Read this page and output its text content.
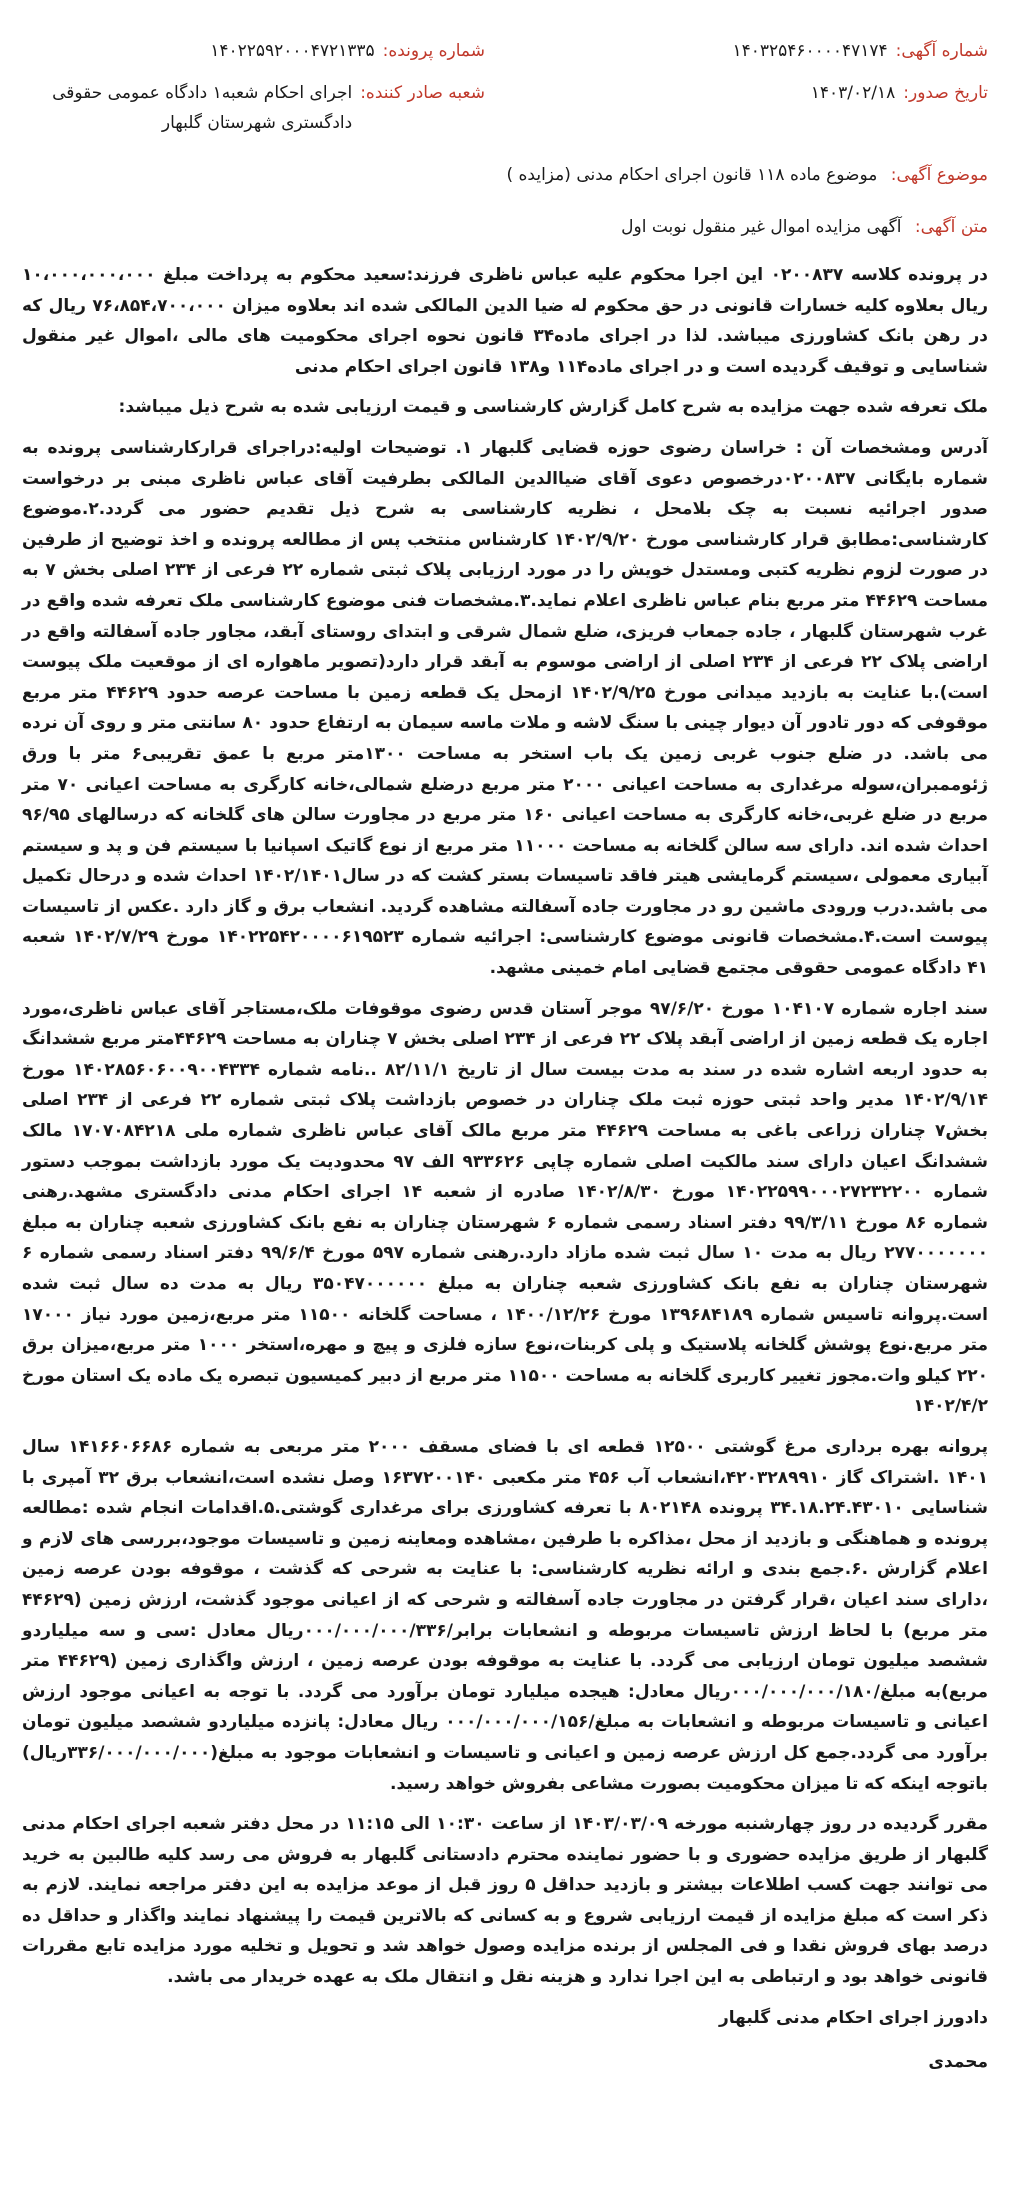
شماره آگهی:
۱۴۰۳۲۵۴۶۰۰۰۰۴۷۱۷۴
شماره پرونده:
۱۴۰۲۲۵۹۲۰۰۰۴۷۲۱۳۳۵
تاریخ صدور:
۱۴۰۳/۰۲/۱۸
شعبه صادر کننده:
اجرای احکام شعبه۱ دادگاه عمومی حقوقی دادگستری شهرستان گلبهار
موضوع آگهی: موضوع ماده ۱۱۸ قانون اجرای احکام مدنی (مزایده )
متن آگهی: آگهی مزایده اموال غیر منقول نوبت اول

در پرونده کلاسه ۰۲۰۰۸۳۷ این اجرا محکوم علیه عباس ناظری فرزند:سعید محکوم به پرداخت مبلغ ۱۰،۰۰۰،۰۰۰،۰۰۰ ریال بعلاوه کلیه خسارات قانونی در حق محکوم له ضیا الدین المالکی شده اند بعلاوه میزان ۷۶،۸۵۴،۷۰۰،۰۰۰ ریال که در رهن بانک کشاورزی میباشد. لذا در اجرای ماده۳۴ قانون نحوه اجرای محکومیت های مالی ،اموال غیر منقول شناسایی و توقیف گردیده است و در اجرای ماده۱۱۴ و۱۳۸ قانون اجرای احکام مدنی

ملک تعرفه شده جهت مزایده به شرح کامل گزارش کارشناسی و قیمت ارزیابی شده به شرح ذیل میباشد:

آدرس ومشخصات آن : خراسان رضوی حوزه قضایی گلبهار ۱. توضیحات اولیه:دراجرای قرارکارشناسی پرونده به شماره بایگانی ۰۲۰۰۸۳۷درخصوص دعوی آقای ضیاالدین المالکی بطرفیت آقای عباس ناظری مبنی بر درخواست صدور اجرائیه نسبت به چک بلامحل ، نظریه کارشناسی به شرح ذیل تقدیم حضور می گردد.۲.موضوع کارشناسی:مطابق قرار کارشناسی مورخ ۱۴۰۲/۹/۲۰ کارشناس منتخب پس از مطالعه پرونده و اخذ توضیح از طرفین در صورت لزوم نظریه کتبی ومستدل خویش را در مورد ارزیابی پلاک ثبتی شماره ۲۲ فرعی از ۲۳۴ اصلی بخش ۷ به مساحت ۴۴۶۲۹ متر مربع بنام عباس ناظری اعلام نماید.۳.مشخصات فنی موضوع کارشناسی ملک تعرفه شده واقع در غرب شهرستان گلبهار ، جاده جمعاب فریزی، ضلع شمال شرقی و ابتدای روستای آبقد، مجاور جاده آسفالته واقع در اراضی پلاک ۲۲ فرعی از ۲۳۴ اصلی از اراضی موسوم به آبقد قرار دارد(تصویر ماهواره ای از موقعیت ملک پیوست است).با عنایت به بازدید میدانی مورخ ۱۴۰۲/۹/۲۵ ازمحل یک قطعه زمین با مساحت عرصه حدود ۴۴۶۲۹ متر مربع موقوفی که دور تادور آن دیوار چینی با سنگ لاشه و ملات ماسه سیمان به ارتفاع حدود ۸۰ سانتی متر و روی آن نرده می باشد. در ضلع جنوب غربی زمین یک باب استخر به مساحت ۱۳۰۰متر مربع با عمق تقریبی۶ متر با ورق ژئوممبران،سوله مرغداری به مساحت اعیانی ۲۰۰۰ متر مربع درضلع شمالی،خانه کارگری به مساحت اعیانی ۷۰ متر مربع در ضلع غربی،خانه کارگری به مساحت اعیانی ۱۶۰ متر مربع در مجاورت سالن های گلخانه که درسالهای ۹۶/۹۵ احداث شده اند. دارای سه سالن گلخانه به مساحت ۱۱۰۰۰ متر مربع از نوع گاتیک اسپانیا با سیستم فن و پد و سیستم آبیاری معمولی ،سیستم گرمایشی هیتر فاقد تاسیسات بستر کشت که در سال۱۴۰۲/۱۴۰۱ احداث شده و درحال تکمیل می باشد.درب ورودی ماشین رو در مجاورت جاده آسفالته مشاهده گردید. انشعاب برق و گاز دارد .عکس از تاسیسات پیوست است.۴.مشخصات قانونی موضوع کارشناسی: اجرائیه شماره ۱۴۰۲۲۵۴۲۰۰۰۰۶۱۹۵۲۳ مورخ ۱۴۰۲/۷/۲۹ شعبه ۴۱ دادگاه عمومی حقوقی مجتمع قضایی امام خمینی مشهد.

سند اجاره شماره ۱۰۴۱۰۷ مورخ ۹۷/۶/۲۰ موجر آستان قدس رضوی موقوفات ملک،مستاجر آقای عباس ناظری،مورد اجاره یک قطعه زمین از اراضی آبقد پلاک ۲۲ فرعی از ۲۳۴ اصلی بخش ۷ چناران به مساحت ۴۴۶۲۹متر مربع ششدانگ به حدود اربعه اشاره شده در سند به مدت بیست سال از تاریخ ۸۲/۱۱/۱ ..نامه شماره ۱۴۰۲۸۵۶۰۶۰۰۹۰۰۴۳۳۴ مورخ ۱۴۰۲/۹/۱۴ مدیر واحد ثبتی حوزه ثبت ملک چناران در خصوص بازداشت پلاک ثبتی شماره ۲۲ فرعی از ۲۳۴ اصلی بخش۷ چناران زراعی باغی به مساحت ۴۴۶۲۹ متر مربع مالک آقای عباس ناظری شماره ملی ۱۷۰۷۰۸۴۲۱۸ مالک ششدانگ اعیان دارای سند مالکیت اصلی شماره چاپی ۹۳۳۶۲۶ الف ۹۷ محدودیت یک مورد بازداشت بموجب دستور شماره ۱۴۰۲۲۵۹۹۰۰۰۲۷۲۳۲۲۰۰ مورخ ۱۴۰۲/۸/۳۰ صادره از شعبه ۱۴ اجرای احکام مدنی دادگستری مشهد.رهنی شماره ۸۶ مورخ ۹۹/۳/۱۱ دفتر اسناد رسمی شماره ۶ شهرستان چناران به نفع بانک کشاورزی شعبه چناران به مبلغ ۲۷۷۰۰۰۰۰۰۰ ریال به مدت ۱۰ سال ثبت شده مازاد دارد.رهنی شماره ۵۹۷ مورخ ۹۹/۶/۴ دفتر اسناد رسمی شماره ۶ شهرستان چناران به نفع بانک کشاورزی شعبه چناران به مبلغ ۳۵۰۴۷۰۰۰۰۰۰ ریال به مدت ده سال ثبت شده است.پروانه تاسیس شماره ۱۳۹۶۸۴۱۸۹ مورخ ۱۴۰۰/۱۲/۲۶ ، مساحت گلخانه ۱۱۵۰۰ متر مربع،زمین مورد نیاز ۱۷۰۰۰ متر مربع.نوع پوشش گلخانه پلاستیک و پلی کربنات،نوع سازه فلزی و پیچ و مهره،استخر ۱۰۰۰ متر مربع،میزان برق ۲۲۰ کیلو وات.مجوز تغییر کاربری گلخانه به مساحت ۱۱۵۰۰ متر مربع از دبیر کمیسیون تبصره یک ماده یک استان مورخ ۱۴۰۲/۴/۲

پروانه بهره برداری مرغ گوشتی ۱۲۵۰۰ قطعه ای با فضای مسقف ۲۰۰۰ متر مربعی به شماره ۱۴۱۶۶۰۶۶۸۶ سال ۱۴۰۱ .اشتراک گاز ۴۲۰۳۲۸۹۹۱۰،انشعاب آب ۴۵۶ متر مکعبی ۱۶۳۷۲۰۰۱۴۰ وصل نشده است،انشعاب برق ۳۲ آمپری با شناسایی ۳۴.۱۸.۲۴.۴۳۰۱۰ پرونده ۸۰۲۱۴۸ با تعرفه کشاورزی برای مرغداری گوشتی.۵.اقدامات انجام شده :مطالعه پرونده و هماهنگی و بازدید از محل ،مذاکره با طرفین ،مشاهده ومعاینه زمین و تاسیسات موجود،بررسی های لازم و اعلام گزارش .۶.جمع بندی و ارائه نظریه کارشناسی: با عنایت به شرحی که گذشت ، موقوفه بودن عرصه زمین ،دارای سند اعیان ،قرار گرفتن در مجاورت جاده آسفالته و شرحی که از اعیانی موجود گذشت، ارزش زمین (۴۴۶۲۹ متر مربع) با لحاظ ارزش تاسیسات مربوطه و انشعابات برابر/۰۰۰/۰۰۰/۰۰۰/۳۳۶ریال معادل :سی و سه میلیاردو ششصد میلیون تومان ارزیابی می گردد. با عنایت به موقوفه بودن عرصه زمین ، ارزش واگذاری زمین (۴۴۶۲۹ متر مربع)به مبلغ/۰۰۰/۰۰۰/۰۰۰/۱۸۰ریال معادل: هیجده میلیارد تومان برآورد می گردد. با توجه به اعیانی موجود ارزش اعیانی و تاسیسات مربوطه و انشعابات به مبلغ/۰۰۰/۰۰۰/۰۰۰/۱۵۶ ریال معادل: پانزده میلیاردو ششصد میلیون تومان برآورد می گردد.جمع کل ارزش عرصه زمین و اعیانی و تاسیسات و انشعابات موجود به مبلغ(۳۳۶/۰۰۰/۰۰۰/۰۰۰ریال) باتوجه اینکه که تا میزان محکومیت بصورت مشاعی بفروش خواهد رسید.

مقرر گردیده در روز چهارشنبه مورخه ۱۴۰۳/۰۳/۰۹ از ساعت ۱۰:۳۰ الی ۱۱:۱۵ در محل دفتر شعبه اجرای احکام مدنی گلبهار از طریق مزایده حضوری و با حضور نماینده محترم دادستانی گلبهار به فروش می رسد کلیه طالبین به خرید می توانند جهت کسب اطلاعات بیشتر و بازدید حداقل ۵ روز قبل از موعد مزایده به این دفتر مراجعه نمایند. لازم به ذکر است که مبلغ مزایده از قیمت ارزیابی شروع و به کسانی که بالاترین قیمت را پیشنهاد نمایند واگذار و حداقل ده درصد بهای فروش نقدا و فی المجلس از برنده مزایده وصول خواهد شد و تحویل و تخلیه مورد مزایده تابع مقررات قانونی خواهد بود و ارتباطی به این اجرا ندارد و هزینه نقل و انتقال ملک به عهده خریدار می باشد.

دادورز اجرای احکام مدنی گلبهار
محمدی
